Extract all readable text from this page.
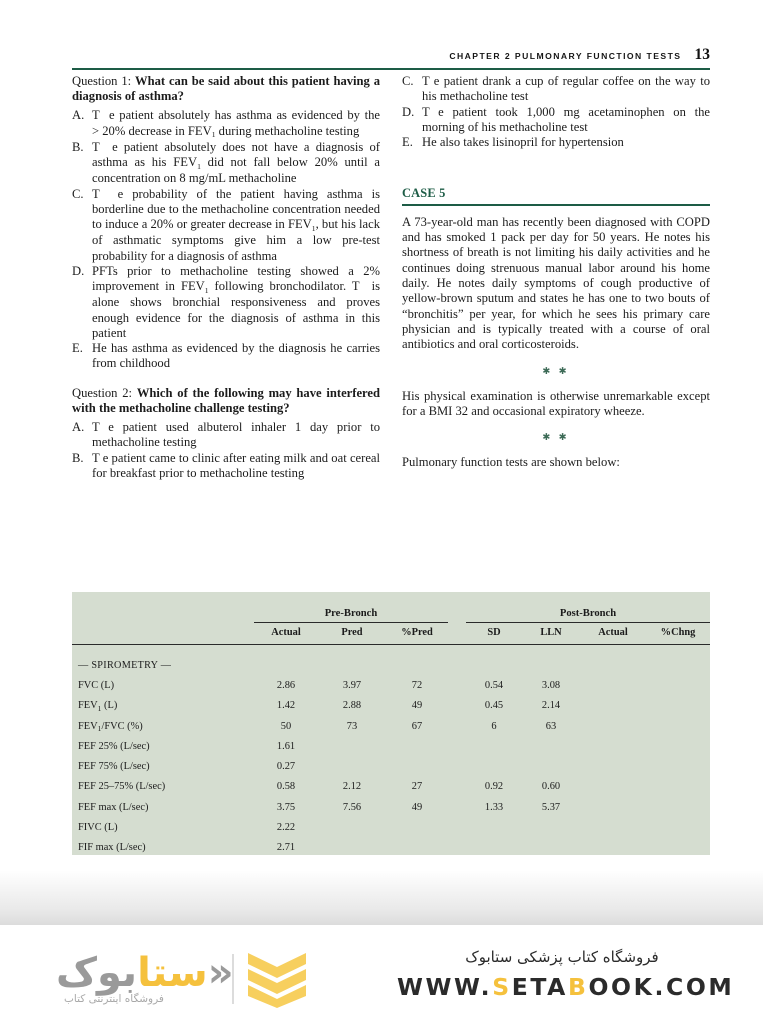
CHAPTER 2 PULMONARY FUNCTION TESTS 13

Question 1: What can be said about this patient having a diagnosis of asthma?

A. T  e patient absolutely has asthma as evidenced by the > 20% decrease in $FEV_1$ during methacholine testing
B. T  e patient absolutely does not have a diagnosis of asthma as his $FEV_1$ did not fall below 20% until a concentration on 8 mg/mL methacholine
C. T  e probability of the patient having asthma is borderline due to the methacholine concentration needed to induce a 20% or greater decrease in $FEV_1$, but his lack of asthmatic symptoms give him a low pre-test probability for a diagnosis of asthma
D. PFTs prior to methacholine testing showed a 2% improvement in $FEV_1$ following bronchodilator. T  is alone shows bronchial responsiveness and proves enough evidence for the diagnosis of asthma in this patient
E. He has asthma as evidenced by the diagnosis he carries from childhood

Question 2: Which of the following may have interfered with the methacholine challenge testing?

A. T e patient used albuterol inhaler 1 day prior to methacholine testing
B. T e patient came to clinic after eating milk and oat cereal for breakfast prior to methacholine testing
C. T e patient drank a cup of regular coffee on the way to his methacholine test
D. T e patient took 1,000 mg acetaminophen on the morning of his methacholine test
E. He also takes lisinopril for hypertension
CASE 5

A 73-year-old man has recently been diagnosed with COPD and has smoked 1 pack per day for 50 years. He notes his shortness of breath is not limiting his daily activities and he continues doing strenuous manual labor around his home daily. He notes daily symptoms of cough productive of yellow-brown sputum and states he has one to two bouts of “bronchitis” per year, for which he sees his primary care physician and is typically treated with a course of oral antibiotics and oral corticosteroids.

✱ ✱

His physical examination is otherwise unremarkable except for a BMI 32 and occasional expiratory wheeze.

✱ ✱

Pulmonary function tests are shown below:

	Pre-Bronch				Post-Bronch			
	Actual	Pred	%Pred		SD	LLN	Actual	%Chng

— SPIROMETRY —								
FVC (L)	2.86	3.97	72		0.54	3.08		
$FEV_1$ (L)	1.42	2.88	49		0.45	2.14		
$FEV_1$/FVC (%)	50	73	67		6	63		
FEF 25% (L/sec)	1.61							
FEF 75% (L/sec)	0.27							
FEF 25–75% (L/sec)	0.58	2.12	27		0.92	0.60		
FEF max (L/sec)	3.75	7.56	49		1.33	5.37		
FIVC (L)	2.22							
FIF max (L/sec)	2.71							

«ستابوک
فروشگاه اینترنتی کتاب
فروشگاه کتاب پزشکی ستابوک
WWW.SETABOOK.COM
